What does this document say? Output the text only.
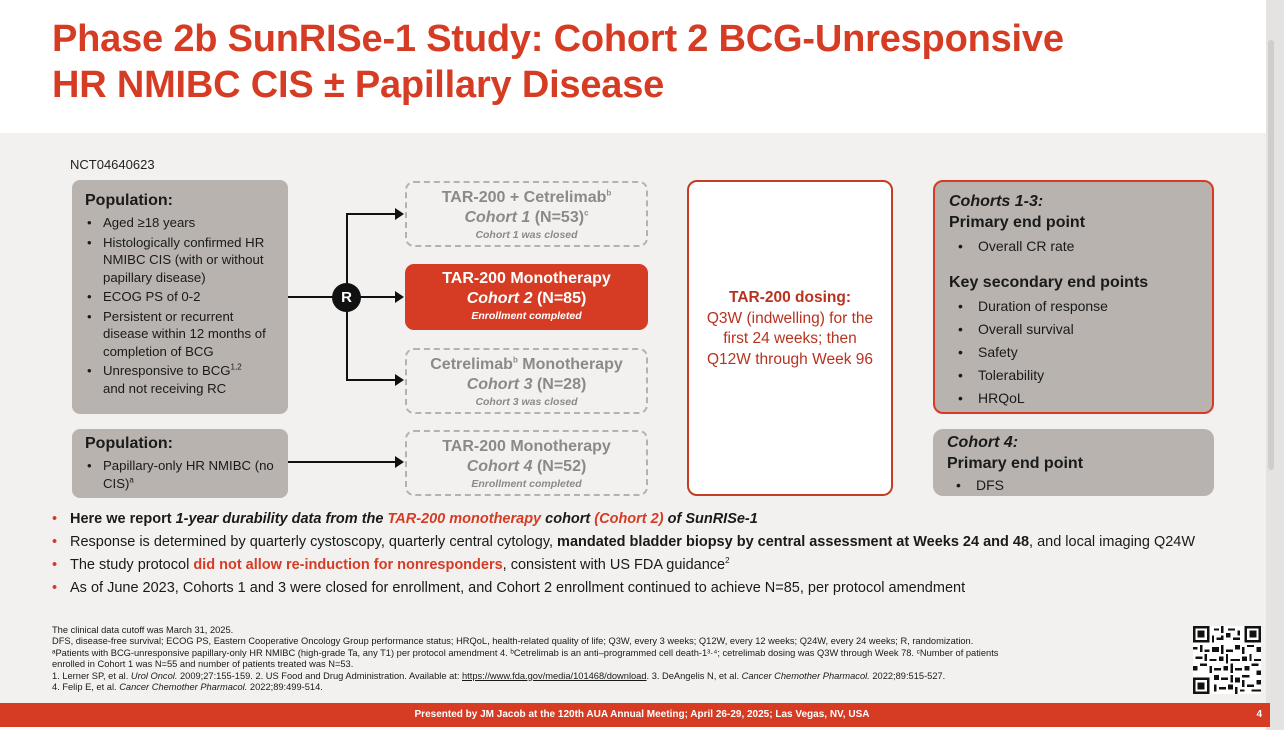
Phase 2b SunRISe-1 Study: Cohort 2 BCG-Unresponsive
HR NMIBC CIS ± Papillary Disease
NCT04640623
Population:
• Aged ≥18 years
• Histologically confirmed HR NMIBC CIS (with or without papillary disease)
• ECOG PS of 0-2
• Persistent or recurrent disease within 12 months of completion of BCG
• Unresponsive to BCG$^{1,2}$
and not receiving RC
Population:
• Papillary-only HR NMIBC (no CIS)$^a$
R
TAR-200 + Cetrelimab$^b$
Cohort 1 (N=53)$^c$
Cohort 1 was closed
TAR-200 Monotherapy
Cohort 2 (N=85)
Enrollment completed
Cetrelimab$^b$ Monotherapy
Cohort 3 (N=28)
Cohort 3 was closed
TAR-200 Monotherapy
Cohort 4 (N=52)
Enrollment completed
TAR-200 dosing:
Q3W (indwelling) for the first 24 weeks; then Q12W through Week 96
Cohorts 1-3:
Primary end point
• Overall CR rate
Key secondary end points
• Duration of response
• Overall survival
• Safety
• Tolerability
• HRQoL
Cohort 4:
Primary end point
• DFS
• Here we report 1-year durability data from the TAR-200 monotherapy cohort (Cohort 2) of SunRISe-1
• Response is determined by quarterly cystoscopy, quarterly central cytology, mandated bladder biopsy by central assessment at Weeks 24 and 48, and local imaging Q24W
• The study protocol did not allow re-induction for nonresponders, consistent with US FDA guidance$^2$
• As of June 2023, Cohorts 1 and 3 were closed for enrollment, and Cohort 2 enrollment continued to achieve N=85, per protocol amendment

The clinical data cutoff was March 31, 2025.

DFS, disease-free survival; ECOG PS, Eastern Cooperative Oncology Group performance status; HRQoL, health-related quality of life; Q3W, every 3 weeks; Q12W, every 12 weeks; Q24W, every 24 weeks; R, randomization.

ᵃPatients with BCG-unresponsive papillary-only HR NMIBC (high-grade Ta, any T1) per protocol amendment 4. ᵇCetrelimab is an anti–programmed cell death-1³·⁴; cetrelimab dosing was Q3W through Week 78. ᶜNumber of patients

enrolled in Cohort 1 was N=55 and number of patients treated was N=53.

1. Lerner SP, et al. Urol Oncol. 2009;27:155-159. 2. US Food and Drug Administration. Available at: https://www.fda.gov/media/101468/download. 3. DeAngelis N, et al. Cancer Chemother Pharmacol. 2022;89:515-527.

4. Felip E, et al. Cancer Chemother Pharmacol. 2022;89:499-514.

Presented by JM Jacob at the 120th AUA Annual Meeting; April 26-29, 2025; Las Vegas, NV, USA	4
